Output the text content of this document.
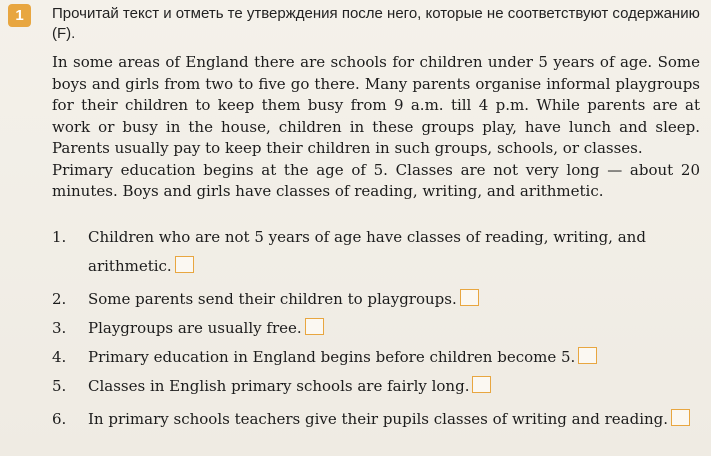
1	Прочитай текст и отметь те утверждения после него, которые не соответствуют содержанию (F).

In some areas of England there are schools for children under 5 years of age. Some boys and girls from two to five go there. Many parents organise informal playgroups for their children to keep them busy from 9 a.m. till 4 p.m. While parents are at work or busy in the house, children in these groups play, have lunch and sleep. Parents usually pay to keep their children in such groups, schools, or classes.

Primary education begins at the age of 5. Classes are not very long — about 20 minutes. Boys and girls have classes of reading, writing, and arithmetic.

1. Children who are not 5 years of age have classes of reading, writing, and arithmetic.
2. Some parents send their children to playgroups.
3. Playgroups are usually free.
4. Primary education in England begins before children become 5.
5. Classes in English primary schools are fairly long.
6. In primary schools teachers give their pupils classes of writing and reading.
